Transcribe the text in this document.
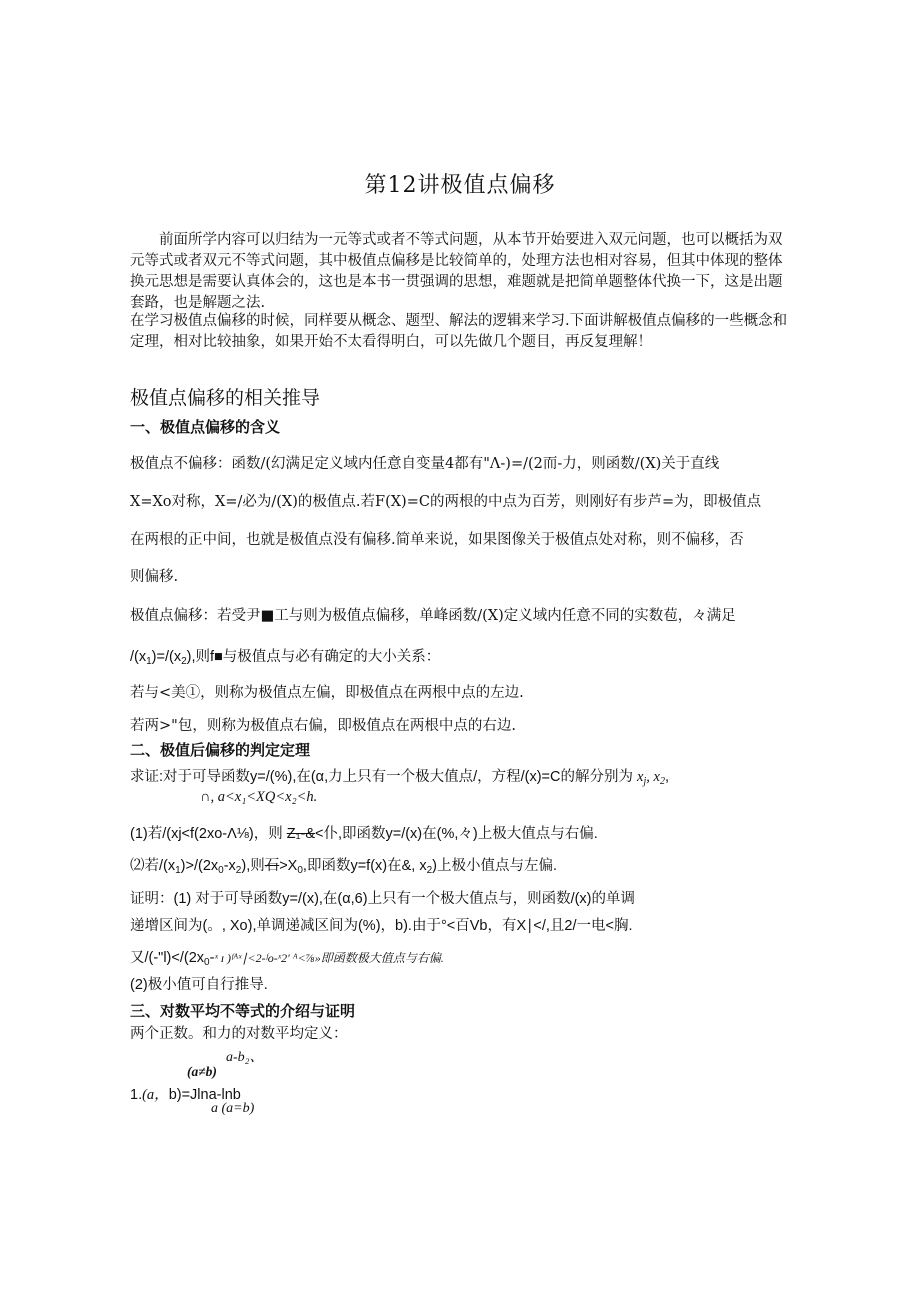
第12讲极值点偏移
前面所学内容可以归结为一元等式或者不等式问题，从本节开始要进入双元问题，也可以概括为双元等式或者双元不等式问题，其中极值点偏移是比较简单的，处理方法也相对容易，但其中体现的整体换元思想是需要认真体会的，这也是本书一贯强调的思想，难题就是把简单题整体代换一下，这是出题套路，也是解题之法.
在学习极值点偏移的时候，同样要从概念、题型、解法的逻辑来学习.下面讲解极值点偏移的一些概念和定理，相对比较抽象，如果开始不太看得明白，可以先做几个题目，再反复理解！
极值点偏移的相关推导
一、极值点偏移的含义
极值点不偏移：函数/(幻满足定义域内任意自变量4都有"Λ-)=/(2而-力，则函数/(X)关于直线
X=Xo对称，X=/必为/(X)的极值点.若F(X)=C的两根的中点为百芳，则刚好有步芦=为，即极值点
在两根的正中间，也就是极值点没有偏移.简单来说，如果图像关于极值点处对称，则不偏移，否
则偏移.
极值点偏移：若受尹■工与则为极值点偏移，单峰函数/(X)定义域内任意不同的实数苞，々满足
$/(x_1)=/(x_2)$,则f■与极值点与必有确定的大小关系：
若与<美①，则称为极值点左偏，即极值点在两根中点的左边.
若两>"包，则称为极值点右偏，即极值点在两根中点的右边.
二、极值后偏移的判定定理
求证:对于可导函数y=/(%),在(α,力上只有一个极大值点/，方程/(x)=C的解分别为 $x_j$, $x_2$,
∩, a<x₁<XQ<x₂<h.
(1)若/(xj<f(2xo-Λ⅛)，则 Z₁-&<仆,即函数y=/(x)在(%,々)上极大值点与右偏.
⑵若$/(x_1)>/(2x_0-x_2)$,则石$>X_0$,即函数y=f(x)在&, $x_2$)上极小值点与左偏.
证明：(1) 对于可导函数y=/(x),在(α,6)上只有一个极大值点与，则函数/(x)的单调
递增区间为(。, Xo),单调递减区间为(%)，b).由于°<百Vb，有X∣</,且2/一电<胸.
又$/(-"l)</(2x_0-ˣ$ ɪ )ᶠᴬˣ∣<2-ᶠo-ˣ2' ᴬ<⅞»即函数极大值点与右偏.
(2)极小值可自行推导.
三、对数平均不等式的介绍与证明
两个正数。和力的对数平均定义：
a-b₂、
(a≠b)
1.(a，b)=Jlna-lnb
a (a=b)
